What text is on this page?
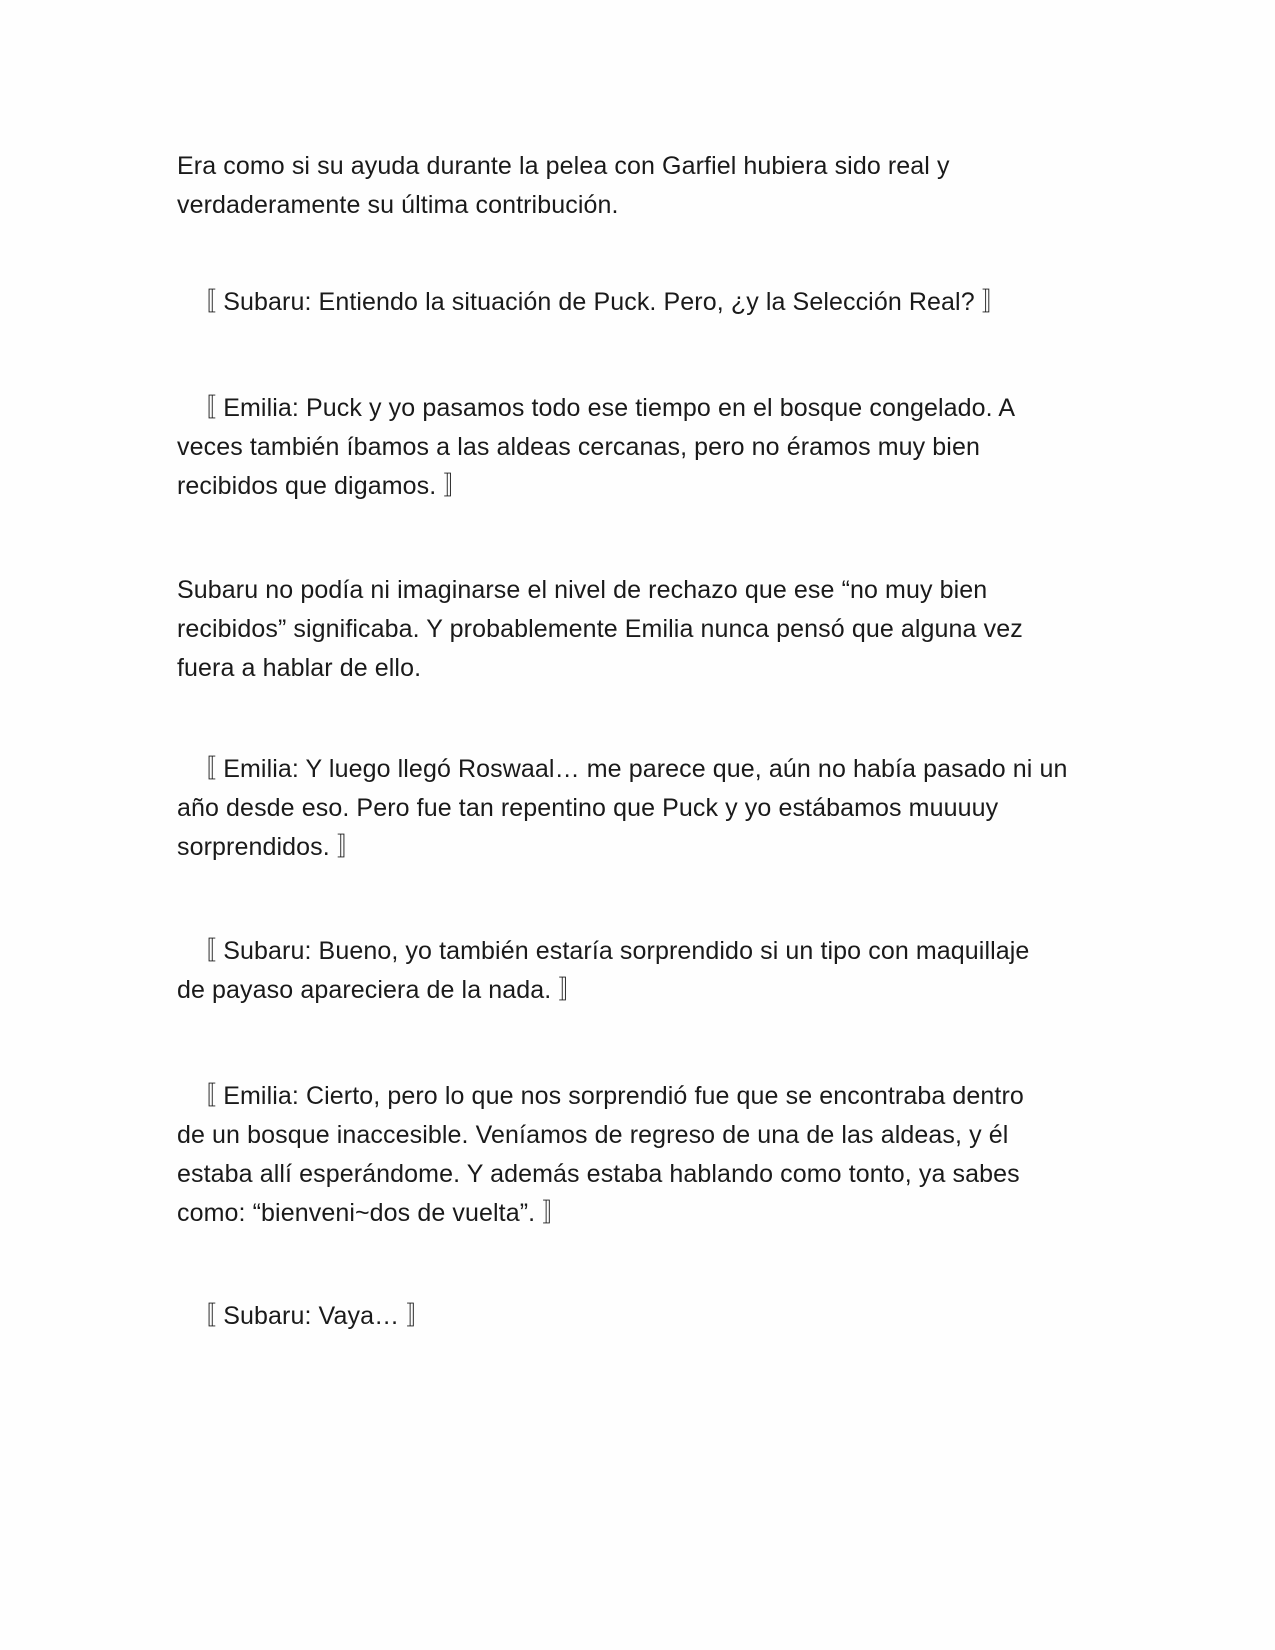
Era como si su ayuda durante la pelea con Garfiel hubiera sido real y
verdaderamente su última contribución.

〚 Subaru: Entiendo la situación de Puck. Pero, ¿y la Selección Real? 〛

〚 Emilia: Puck y yo pasamos todo ese tiempo en el bosque congelado. A
veces también íbamos a las aldeas cercanas, pero no éramos muy bien
recibidos que digamos. 〛

Subaru no podía ni imaginarse el nivel de rechazo que ese “no muy bien
recibidos” significaba. Y probablemente Emilia nunca pensó que alguna vez
fuera a hablar de ello.

〚 Emilia: Y luego llegó Roswaal… me parece que, aún no había pasado ni un
año desde eso. Pero fue tan repentino que Puck y yo estábamos muuuuy
sorprendidos. 〛

〚 Subaru: Bueno, yo también estaría sorprendido si un tipo con maquillaje
de payaso apareciera de la nada. 〛

〚 Emilia: Cierto, pero lo que nos sorprendió fue que se encontraba dentro
de un bosque inaccesible. Veníamos de regreso de una de las aldeas, y él
estaba allí esperándome. Y además estaba hablando como tonto, ya sabes
como: “bienveni~dos de vuelta”. 〛

〚 Subaru: Vaya… 〛
